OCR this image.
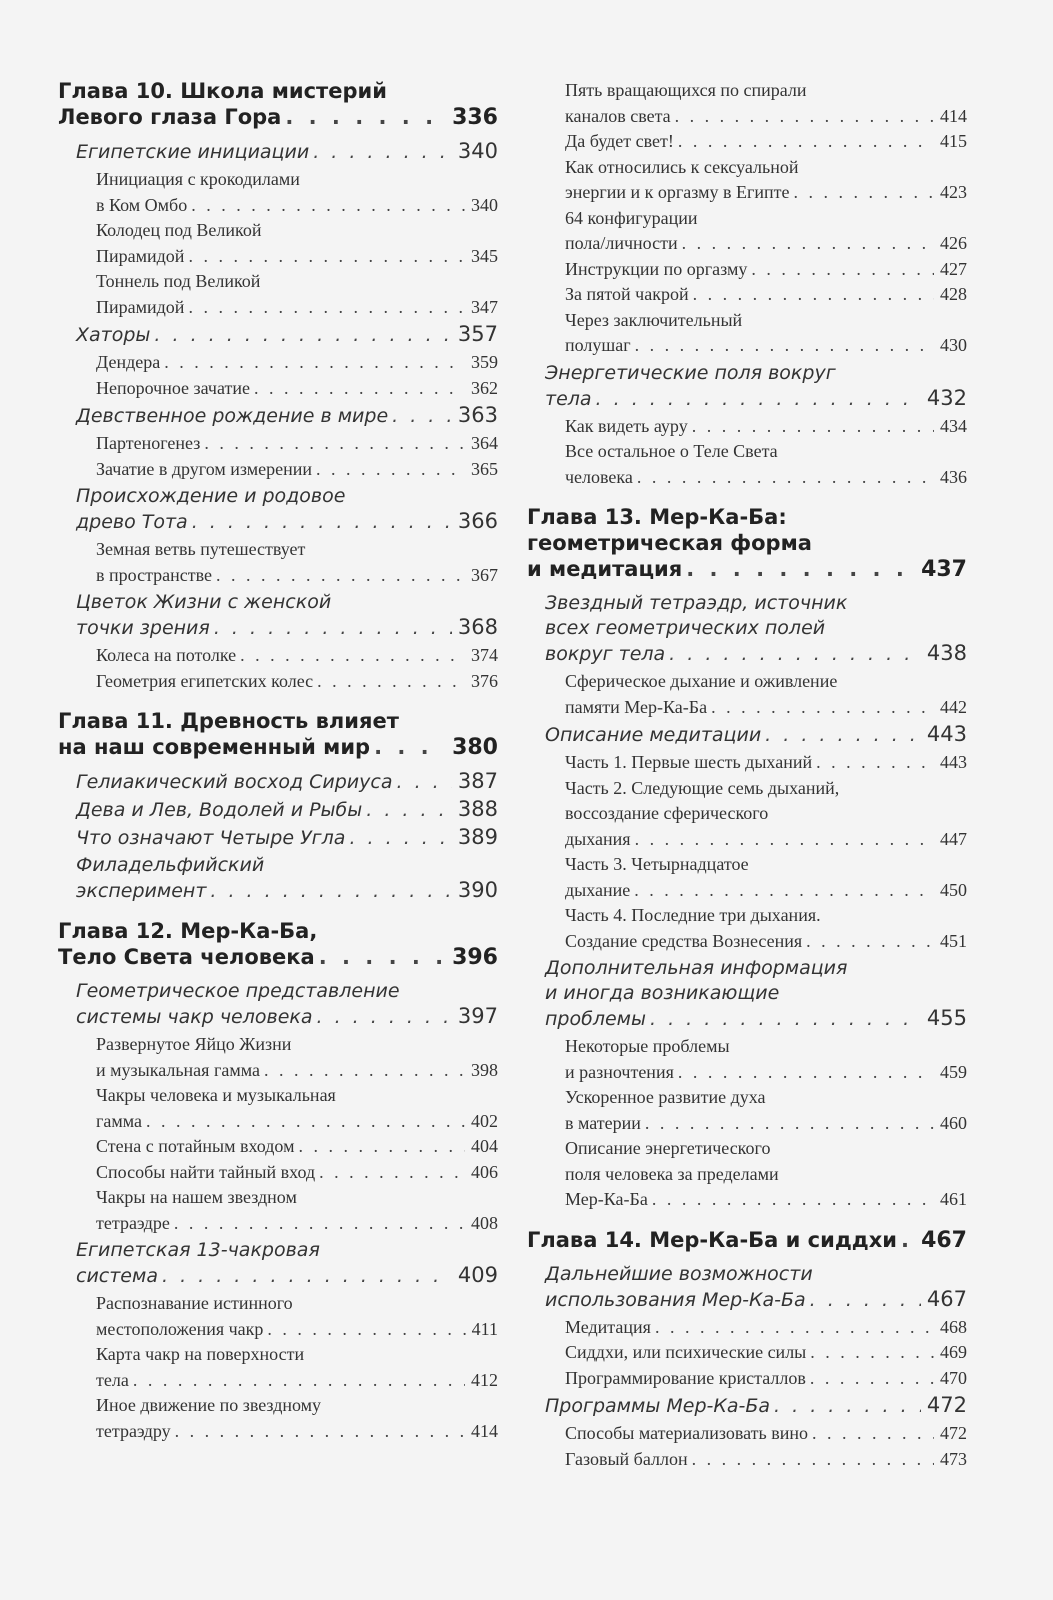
Глава 10. Школа мистерий
Левого глаза Гора . . .	336
Египетские инициации . . .	340
Инициация с крокодилами
в Ком Омбо . . .	340
Колодец под Великой
Пирамидой . . .	345
Тоннель под Великой
Пирамидой . . .	347
Хаторы . . .	357
Дендера . . .	359
Непорочное зачатие . . .	362
Девственное рождение в мире . . .	363
Партеногенез . . .	364
Зачатие в другом измерении . . .	365
Происхождение и родовое
древо Тота . . .	366
Земная ветвь путешествует
в пространстве . . .	367
Цветок Жизни с женской
точки зрения . . .	368
Колеса на потолке . . .	374
Геометрия египетских колес . . .	376
Глава 11. Древность влияет
на наш современный мир . . .	380
Гелиакический восход Сириуса . . .	387
Дева и Лев, Водолей и Рыбы . . .	388
Что означают Четыре Угла . . .	389
Филадельфийский
эксперимент . . .	390
Глава 12. Мер-Ка-Ба,
Тело Света человека . . .	396
Геометрическое представление
системы чакр человека . . .	397
Развернутое Яйцо Жизни
и музыкальная гамма . . .	398
Чакры человека и музыкальная
гамма . . .	402
Стена с потайным входом . . .	404
Способы найти тайный вход . . .	406
Чакры на нашем звездном
тетраэдре . . .	408
Египетская 13-чакровая
система . . .	409
Распознавание истинного
местоположения чакр . . .	411
Карта чакр на поверхности
тела . . .	412
Иное движение по звездному
тетраэдру . . .	414
Пять вращающихся по спирали
каналов света . . .	414
Да будет свет! . . .	415
Как относились к сексуальной
энергии и к оргазму в Египте . . .	423
64 конфигурации
пола/личности . . .	426
Инструкции по оргазму . . .	427
За пятой чакрой . . .	428
Через заключительный
полушаг . . .	430
Энергетические поля вокруг
тела . . .	432
Как видеть ауру . . .	434
Все остальное о Теле Света
человека . . .	436
Глава 13. Мер-Ка-Ба:
геометрическая форма
и медитация . . .	437
Звездный тетраэдр, источник
всех геометрических полей
вокруг тела . . .	438
Сферическое дыхание и оживление
памяти Мер-Ка-Ба . . .	442
Описание медитации . . .	443
Часть 1. Первые шесть дыханий . . .	443
Часть 2. Следующие семь дыханий,
воссоздание сферического
дыхания . . .	447
Часть 3. Четырнадцатое
дыхание . . .	450
Часть 4. Последние три дыхания.
Создание средства Вознесения . . .	451
Дополнительная информация
и иногда возникающие
проблемы . . .	455
Некоторые проблемы
и разночтения . . .	459
Ускоренное развитие духа
в материи . . .	460
Описание энергетического
поля человека за пределами
Мер-Ка-Ба . . .	461
Глава 14. Мер-Ка-Ба и сиддхи . . . 467
Дальнейшие возможности
использования Мер-Ка-Ба . . .	467
Медитация . . .	468
Сиддхи, или психические силы . . .	469
Программирование кристаллов . . .	470
Программы Мер-Ка-Ба . . .	472
Способы материализовать вино . . .	472
Газовый баллон . . .	473
